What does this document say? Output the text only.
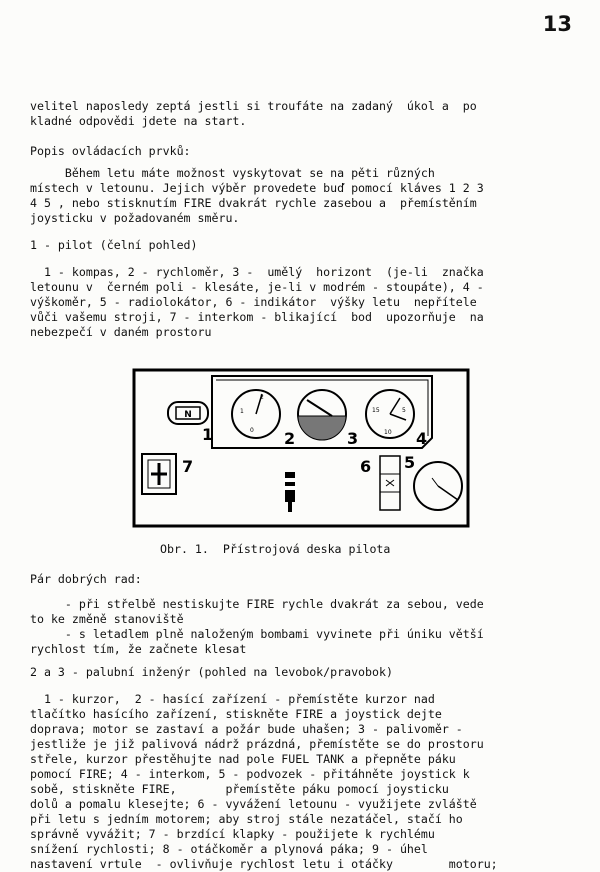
13

velitel naposledy zeptá jestli si troufáte na zadaný  úkol a  po

kladné odpovědi jdete na start.

Popis ovládacích prvků:

Během letu máte možnost vyskytovat se na pěti různých

místech v letounu. Jejich výběr provedete buď pomocí kláves 1 2 3

4 5 , nebo stisknutím FIRE dvakrát rychle zasebou a  přemístěním

joysticku v požadovaném směru.

1 - pilot (čelní pohled)

1 - kompas, 2 - rychloměr, 3 -  umělý  horizont  (je-li  značka

letounu v  černém poli - klesáte, je-li v modrém - stoupáte), 4 -

výškoměr, 5 - radiolokátor, 6 - indikátor  výšky letu  nepřítele

vůči vašemu stroji, 7 - interkom - blikající  bod  upozorňuje  na

nebezpečí v daném prostoru

N
1
2
1
0 2	3
15	5
10 4
7	6 5
Obr. 1. Přístrojová deska pilota

Pár dobrých rad:

- při střelbě nestiskujte FIRE rychle dvakrát za sebou, vede

to ke změně stanoviště

- s letadlem plně naloženým bombami vyvinete při úniku větší

rychlost tím, že začnete klesat

2 a 3 - palubní inženýr (pohled na levobok/pravobok)

1 - kurzor,  2 - hasící zařízení - přemístěte kurzor nad

tlačítko hasícího zařízení, stiskněte FIRE a joystick dejte

doprava; motor se zastaví a požár bude uhašen; 3 - palivoměr -

jestliže je již palivová nádrž prázdná, přemístěte se do prostoru

střele, kurzor přestěhujte nad pole FUEL TANK a přepněte páku

pomocí FIRE; 4 - interkom, 5 - podvozek - přitáhněte joystick k

sobě, stiskněte FIRE,       přemístěte páku pomocí joysticku

dolů a pomalu klesejte; 6 - vyvážení letounu - využijete zvláště

při letu s jedním motorem; aby stroj stále nezatáčel, stačí ho

správně vyvážit; 7 - brzdící klapky - použijete k rychlému

snížení rychlosti; 8 - otáčkoměr a plynová páka; 9 - úhel

nastavení vrtule  - ovlivňuje rychlost letu i otáčky        motoru;
